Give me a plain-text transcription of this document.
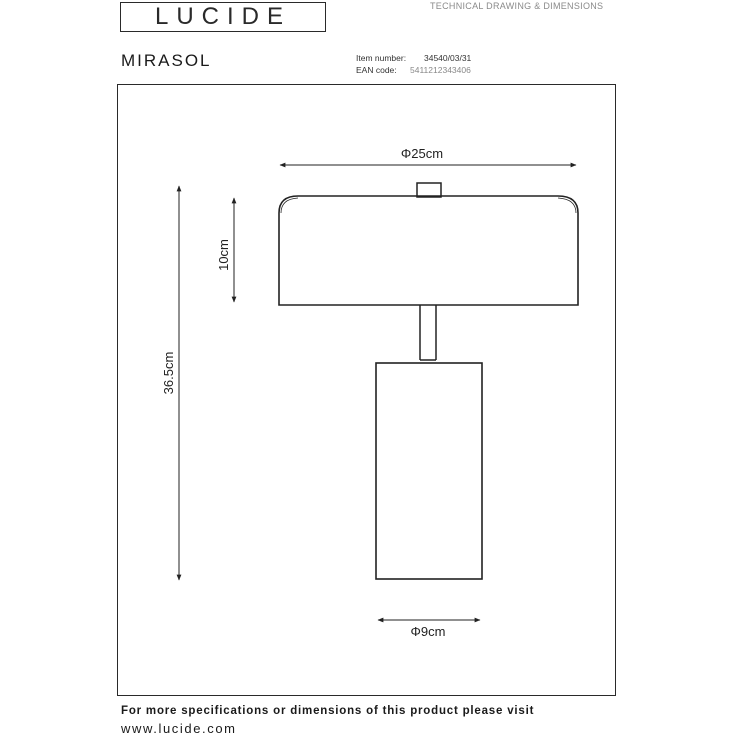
LUCIDE	TECHNICAL DRAWING & DIMENSIONS
MIRASOL	Item number: 34540/03/31
EAN code: 5411212343406
Φ25cm
10cm
36.5cm
Φ9cm
For more specifications or dimensions of this product please visit
www.lucide.com
